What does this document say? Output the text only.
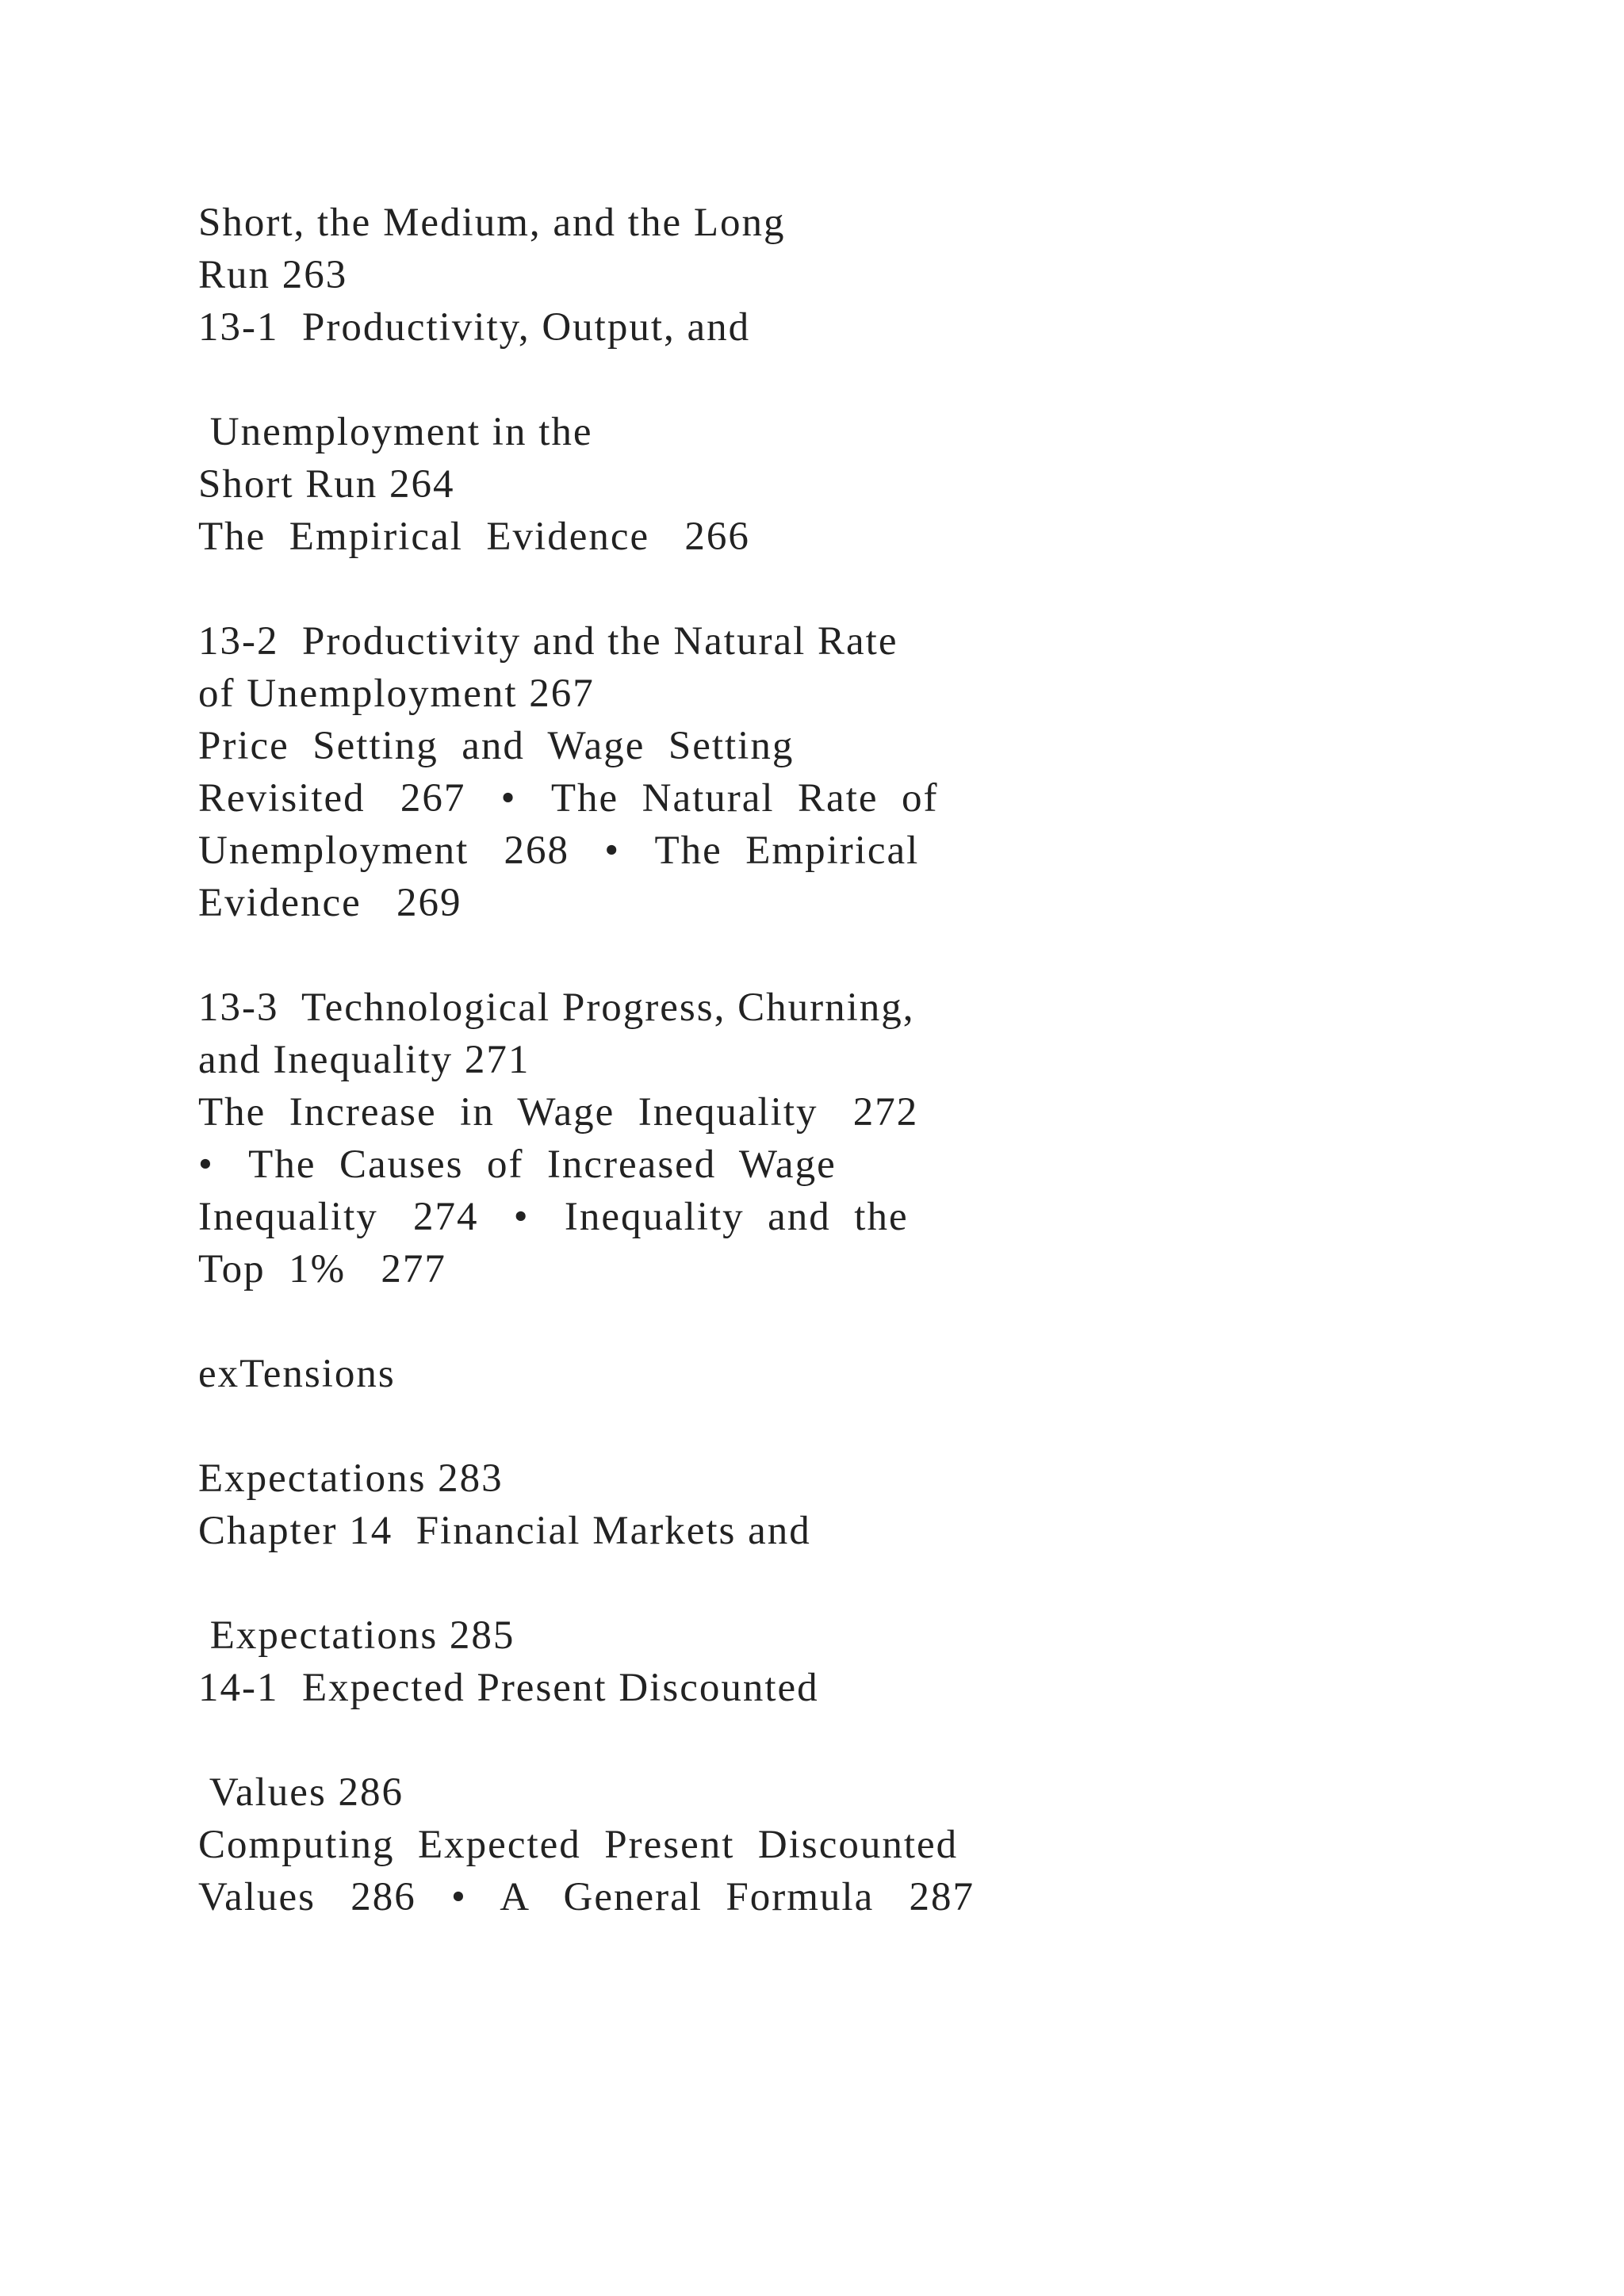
Short, the Medium, and the Long
Run 263
13-1  Productivity, Output, and
Unemployment in the
Short Run 264
The  Empirical  Evidence   266
13-2  Productivity and the Natural Rate
of Unemployment 267
Price  Setting  and  Wage  Setting
Revisited   267   •   The  Natural  Rate  of
Unemployment   268   •   The  Empirical
Evidence   269
13-3  Technological Progress, Churning,
and Inequality 271
The  Increase  in  Wage  Inequality   272
•   The  Causes  of  Increased  Wage
Inequality   274   •   Inequality  and  the
Top  1%   277
exTensions
Expectations 283
Chapter 14  Financial Markets and
Expectations 285
14-1  Expected Present Discounted
Values 286
Computing  Expected  Present  Discounted
Values   286   •   A   General  Formula   287
